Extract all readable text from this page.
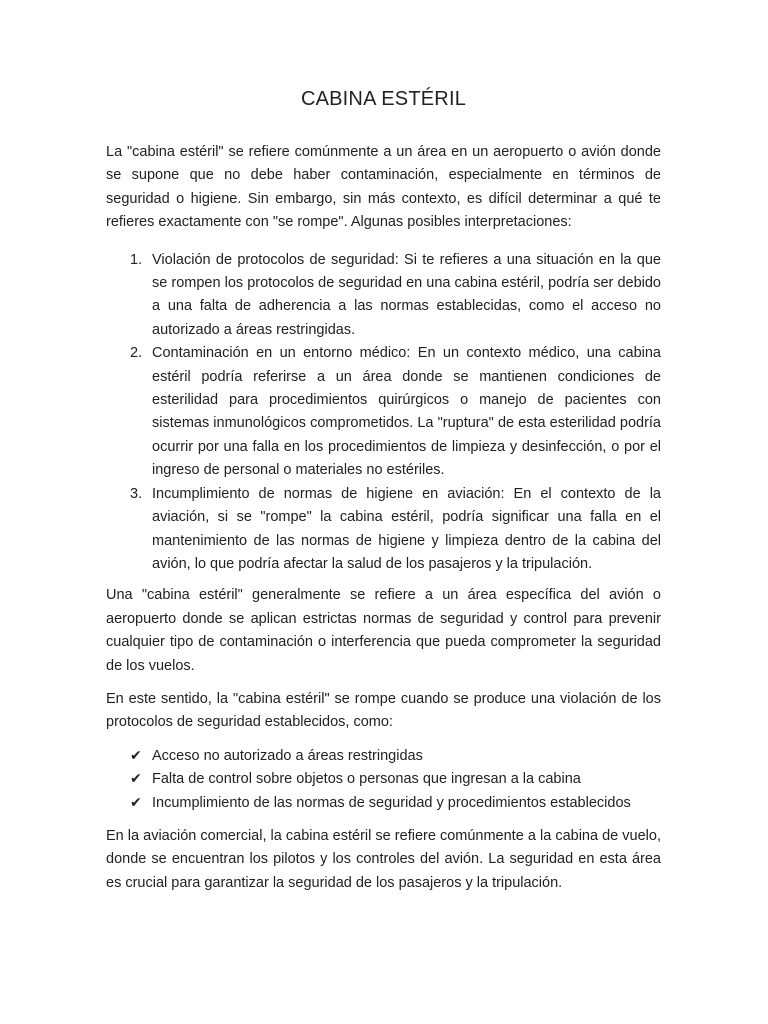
CABINA ESTÉRIL

La "cabina estéril" se refiere comúnmente a un área en un aeropuerto o avión donde se supone que no debe haber contaminación, especialmente en términos de seguridad o higiene. Sin embargo, sin más contexto, es difícil determinar a qué te refieres exactamente con "se rompe". Algunas posibles interpretaciones:

1. Violación de protocolos de seguridad: Si te refieres a una situación en la que se rompen los protocolos de seguridad en una cabina estéril, podría ser debido a una falta de adherencia a las normas establecidas, como el acceso no autorizado a áreas restringidas.
2. Contaminación en un entorno médico: En un contexto médico, una cabina estéril podría referirse a un área donde se mantienen condiciones de esterilidad para procedimientos quirúrgicos o manejo de pacientes con sistemas inmunológicos comprometidos. La "ruptura" de esta esterilidad podría ocurrir por una falla en los procedimientos de limpieza y desinfección, o por el ingreso de personal o materiales no estériles.
3. Incumplimiento de normas de higiene en aviación: En el contexto de la aviación, si se "rompe" la cabina estéril, podría significar una falla en el mantenimiento de las normas de higiene y limpieza dentro de la cabina del avión, lo que podría afectar la salud de los pasajeros y la tripulación.

Una "cabina estéril" generalmente se refiere a un área específica del avión o aeropuerto donde se aplican estrictas normas de seguridad y control para prevenir cualquier tipo de contaminación o interferencia que pueda comprometer la seguridad de los vuelos.

En este sentido, la "cabina estéril" se rompe cuando se produce una violación de los protocolos de seguridad establecidos, como:

✔ Acceso no autorizado a áreas restringidas
✔ Falta de control sobre objetos o personas que ingresan a la cabina
✔ Incumplimiento de las normas de seguridad y procedimientos establecidos

En la aviación comercial, la cabina estéril se refiere comúnmente a la cabina de vuelo, donde se encuentran los pilotos y los controles del avión. La seguridad en esta área es crucial para garantizar la seguridad de los pasajeros y la tripulación.
